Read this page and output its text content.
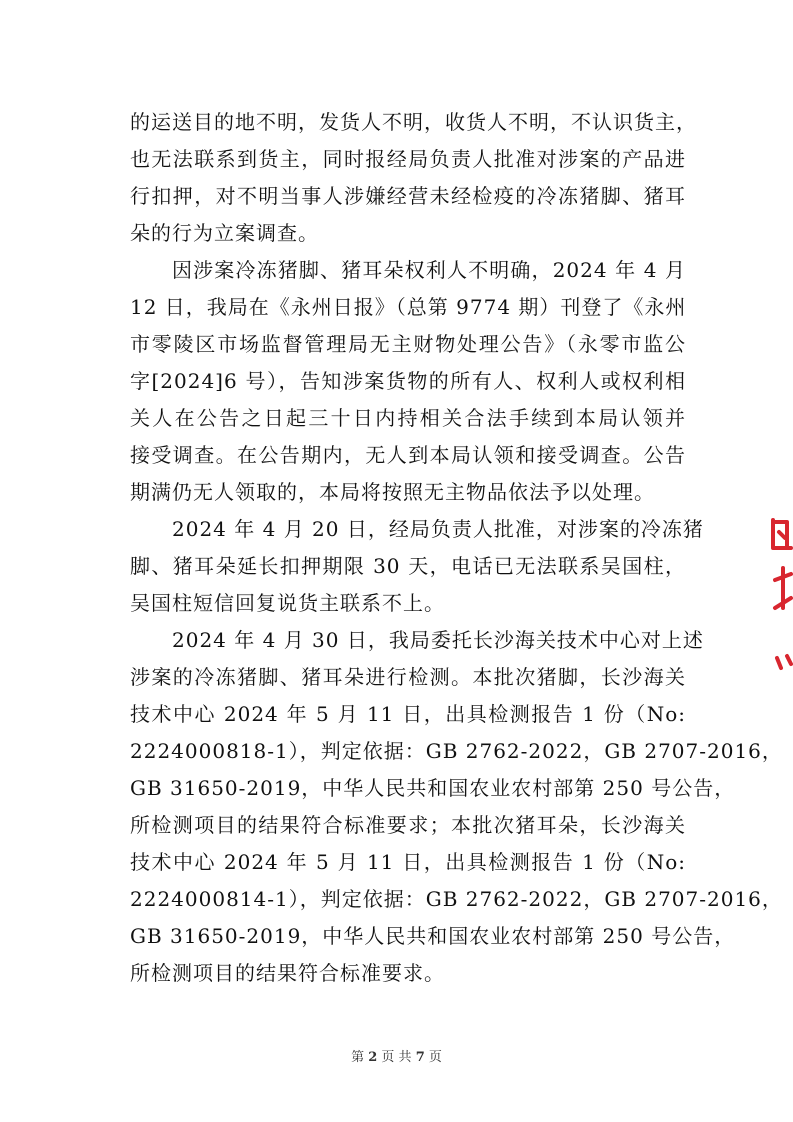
的运送目的地不明，发货人不明，收货人不明，不认识货主，
也无法联系到货主，同时报经局负责人批准对涉案的产品进
行扣押，对不明当事人涉嫌经营未经检疫的冷冻猪脚、猪耳
朵的行为立案调查。
因涉案冷冻猪脚、猪耳朵权利人不明确，2024 年 4 月
12 日，我局在《永州日报》（总第 9774 期）刊登了《永州
市零陵区市场监督管理局无主财物处理公告》（永零市监公
字[2024]6 号），告知涉案货物的所有人、权利人或权利相
关人在公告之日起三十日内持相关合法手续到本局认领并
接受调查。在公告期内，无人到本局认领和接受调查。公告
期满仍无人领取的，本局将按照无主物品依法予以处理。
2024 年 4 月 20 日，经局负责人批准，对涉案的冷冻猪
脚、猪耳朵延长扣押期限 30 天，电话已无法联系吴国柱，
吴国柱短信回复说货主联系不上。
2024 年 4 月 30 日，我局委托长沙海关技术中心对上述
涉案的冷冻猪脚、猪耳朵进行检测。本批次猪脚，长沙海关
技术中心 2024 年 5 月 11 日，出具检测报告 1 份（No:
2224000818-1），判定依据：GB 2762-2022，GB 2707-2016，
GB 31650-2019，中华人民共和国农业农村部第 250 号公告，
所检测项目的结果符合标准要求；本批次猪耳朵，长沙海关
技术中心 2024 年 5 月 11 日，出具检测报告 1 份（No:
2224000814-1），判定依据：GB 2762-2022，GB 2707-2016，
GB 31650-2019，中华人民共和国农业农村部第 250 号公告，
所检测项目的结果符合标准要求。
第 2 页 共 7 页
